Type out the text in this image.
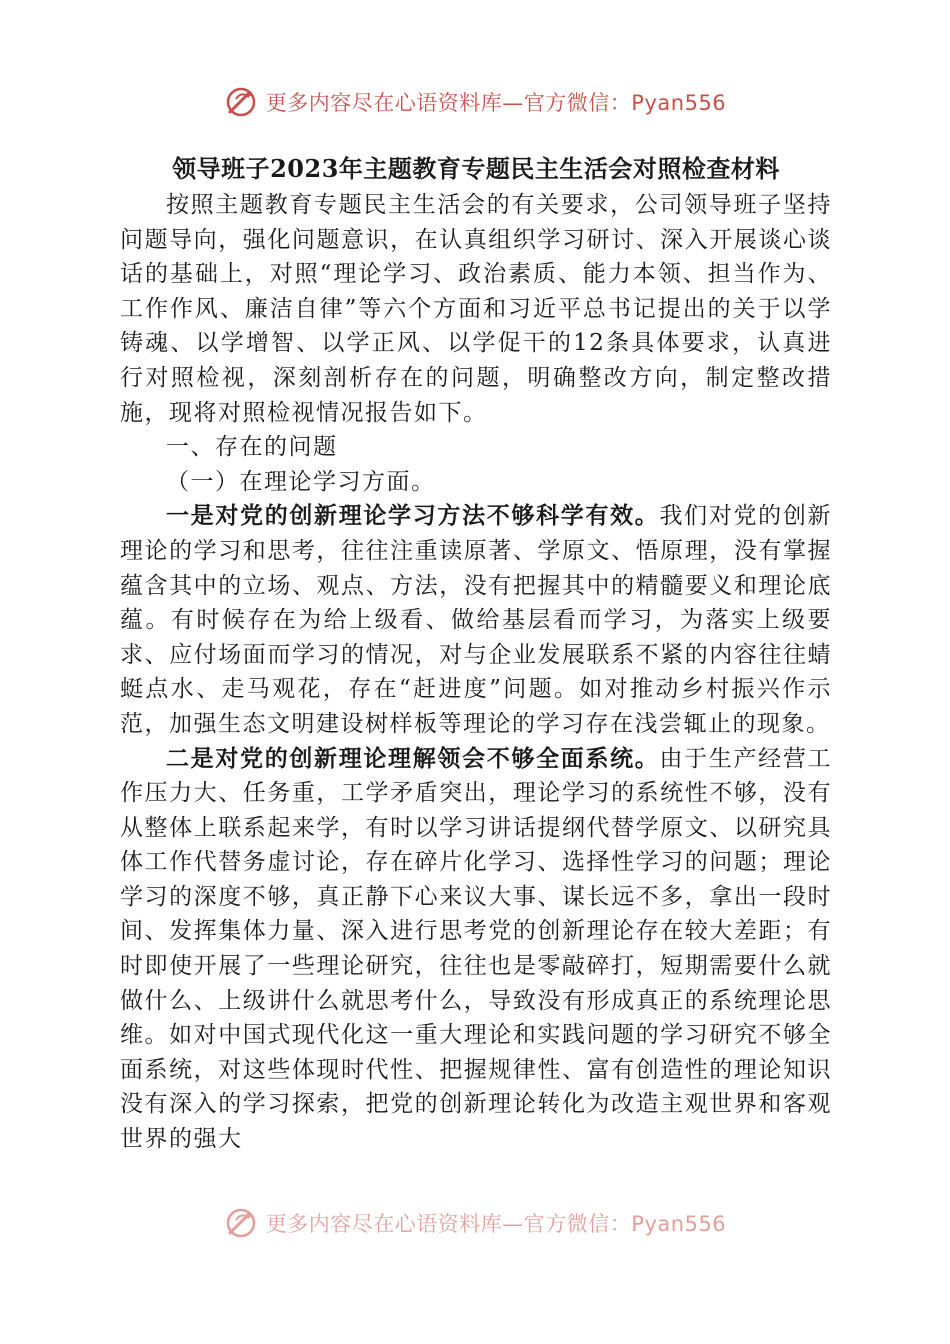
更多内容尽在心语资料库—官方微信：Pyan556
领导班子2023年主题教育专题民主生活会对照检查材料

按照主题教育专题民主生活会的有关要求，公司领导班子坚持问题导向，强化问题意识，在认真组织学习研讨、深入开展谈心谈话的基础上，对照“理论学习、政治素质、能力本领、担当作为、工作作风、廉洁自律”等六个方面和习近平总书记提出的关于以学铸魂、以学增智、以学正风、以学促干的12条具体要求，认真进行对照检视，深刻剖析存在的问题，明确整改方向，制定整改措施，现将对照检视情况报告如下。

一、存在的问题

（一）在理论学习方面。

一是对党的创新理论学习方法不够科学有效。我们对党的创新理论的学习和思考，往往注重读原著、学原文、悟原理，没有掌握蕴含其中的立场、观点、方法，没有把握其中的精髓要义和理论底蕴。有时候存在为给上级看、做给基层看而学习，为落实上级要求、应付场面而学习的情况，对与企业发展联系不紧的内容往往蜻蜓点水、走马观花，存在“赶进度”问题。如对推动乡村振兴作示范，加强生态文明建设树样板等理论的学习存在浅尝辄止的现象。

二是对党的创新理论理解领会不够全面系统。由于生产经营工作压力大、任务重，工学矛盾突出，理论学习的系统性不够，没有从整体上联系起来学，有时以学习讲话提纲代替学原文、以研究具体工作代替务虚讨论，存在碎片化学习、选择性学习的问题；理论学习的深度不够，真正静下心来议大事、谋长远不多，拿出一段时间、发挥集体力量、深入进行思考党的创新理论存在较大差距；有时即使开展了一些理论研究，往往也是零敲碎打，短期需要什么就做什么、上级讲什么就思考什么，导致没有形成真正的系统理论思维。如对中国式现代化这一重大理论和实践问题的学习研究不够全面系统，对这些体现时代性、把握规律性、富有创造性的理论知识没有深入的学习探索，把党的创新理论转化为改造主观世界和客观世界的强大

更多内容尽在心语资料库—官方微信：Pyan556
